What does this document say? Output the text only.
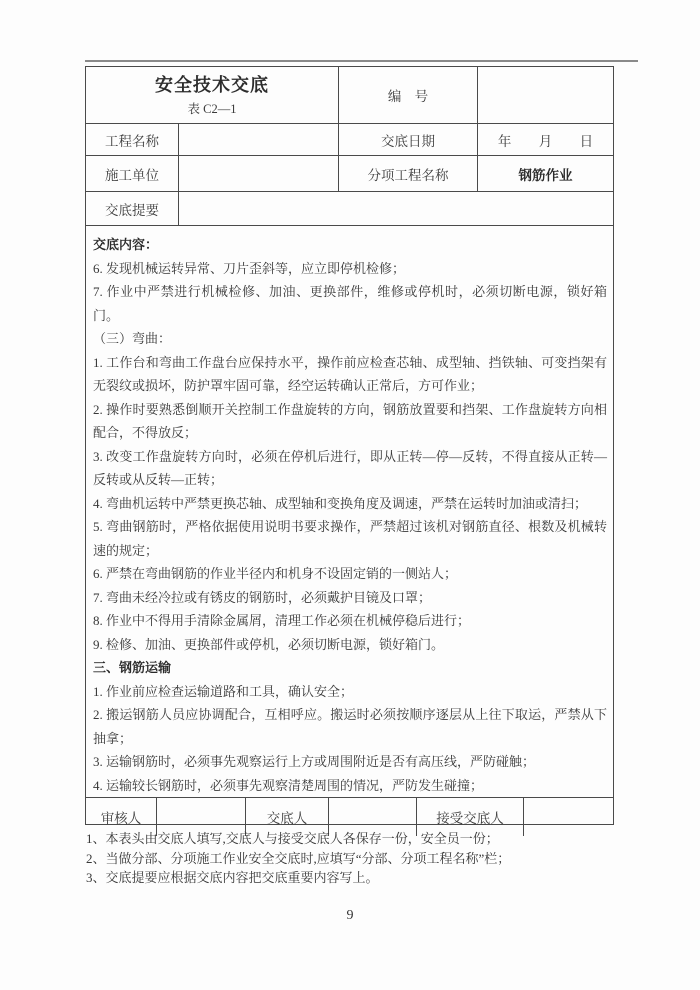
安全技术交底
表 C2—1
编 号
工程名称	交底日期	年 月 日
施工单位	分项工程名称	钢筋作业
交底提要

交底内容：

6. 发现机械运转异常、刀片歪斜等，应立即停机检修；

7. 作业中严禁进行机械检修、加油、更换部件，维修或停机时，必须切断电源，锁好箱门。

（三）弯曲：

1. 工作台和弯曲工作盘台应保持水平，操作前应检查芯轴、成型轴、挡铁轴、可变挡架有无裂纹或损坏，防护罩牢固可靠，经空运转确认正常后，方可作业；

2. 操作时要熟悉倒顺开关控制工作盘旋转的方向，钢筋放置要和挡架、工作盘旋转方向相配合，不得放反；

3. 改变工作盘旋转方向时，必须在停机后进行，即从正转—停—反转，不得直接从正转—反转或从反转—正转；

4. 弯曲机运转中严禁更换芯轴、成型轴和变换角度及调速，严禁在运转时加油或清扫；

5. 弯曲钢筋时，严格依据使用说明书要求操作，严禁超过该机对钢筋直径、根数及机械转速的规定；

6. 严禁在弯曲钢筋的作业半径内和机身不设固定销的一侧站人；

7. 弯曲未经冷拉或有锈皮的钢筋时，必须戴护目镜及口罩；

8. 作业中不得用手清除金属屑，清理工作必须在机械停稳后进行；

9. 检修、加油、更换部件或停机，必须切断电源，锁好箱门。

三、钢筋运输

1. 作业前应检查运输道路和工具，确认安全；

2. 搬运钢筋人员应协调配合，互相呼应。搬运时必须按顺序逐层从上往下取运，严禁从下抽拿；

3. 运输钢筋时，必须事先观察运行上方或周围附近是否有高压线，严防碰触；

4. 运输较长钢筋时，必须事先观察清楚周围的情况，严防发生碰撞；

审核人	交底人	接受交底人

1、本表头由交底人填写,交底人与接受交底人各保存一份，安全员一份；

2、当做分部、分项施工作业安全交底时,应填写“分部、分项工程名称”栏；

3、交底提要应根据交底内容把交底重要内容写上。

9
